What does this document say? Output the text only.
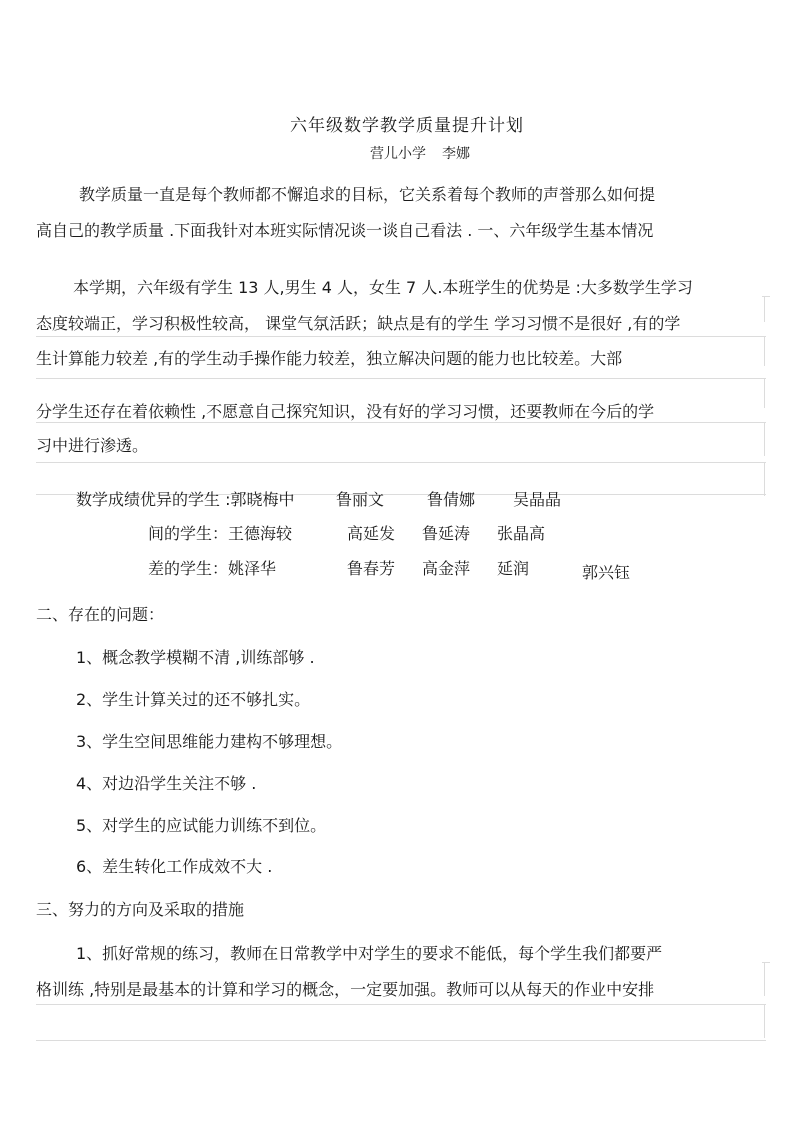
六年级数学教学质量提升计划
营儿小学 李娜
教学质量一直是每个教师都不懈追求的目标，它关系着每个教师的声誉那么如何提
高自己的教学质量 .下面我针对本班实际情况谈一谈自己看法 . 一、六年级学生基本情况
本学期，六年级有学生 13 人,男生 4 人，女生 7 人.本班学生的优势是 :大多数学生学习
态度较端正，学习积极性较高， 课堂气氛活跃；缺点是有的学生 学习习惯不是很好 ,有的学
生计算能力较差 ,有的学生动手操作能力较差，独立解决问题的能力也比较差。大部
分学生还存在着依赖性 ,不愿意自己探究知识，没有好的学习习惯，还要教师在今后的学
习中进行渗透。
数学成绩优异的学生 :郭晓梅中	鲁丽文	鲁倩娜 吴晶晶
间的学生：王德海较	高延发 鲁延涛 张晶高
差的学生：姚泽华	鲁春芳 高金萍 延润	郭兴钰
二、存在的问题：
1、概念教学模糊不清 ,训练部够 .
2、学生计算关过的还不够扎实。
3、学生空间思维能力建构不够理想。
4、对边沿学生关注不够 .
5、对学生的应试能力训练不到位。
6、差生转化工作成效不大 .
三、努力的方向及采取的措施
1、抓好常规的练习，教师在日常教学中对学生的要求不能低，每个学生我们都要严
格训练 ,特别是最基本的计算和学习的概念，一定要加强。教师可以从每天的作业中安排
